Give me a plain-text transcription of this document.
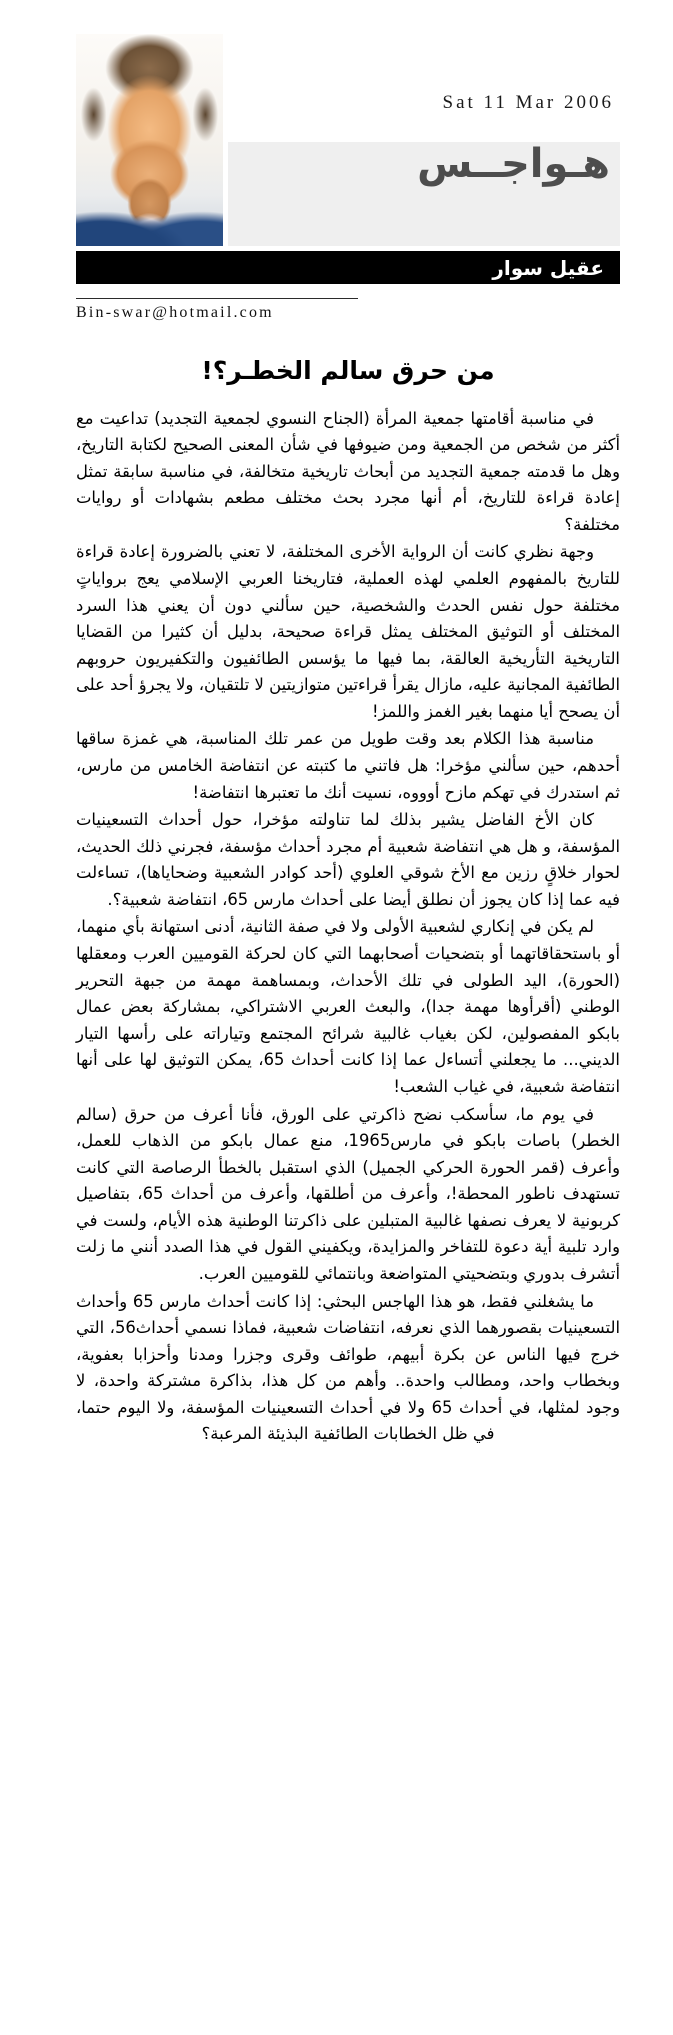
Sat 11 Mar 2006
هـواجــس
عقيل سوار
Bin-swar@hotmail.com
من حرق سالم الخطـر؟!

في مناسبة أقامتها جمعية المرأة (الجناح النسوي لجمعية التجديد) تداعيت مع أكثر من شخص من الجمعية ومن ضيوفها في شأن المعنى الصحيح لكتابة التاريخ، وهل ما قدمته جمعية التجديد من أبحاث تاريخية متخالفة، في مناسبة سابقة تمثل إعادة قراءة للتاريخ، أم أنها مجرد بحث مختلف مطعم بشهادات أو روايات مختلفة؟

وجهة نظري كانت أن الرواية الأخرى المختلفة، لا تعني بالضرورة إعادة قراءة للتاريخ بالمفهوم العلمي لهذه العملية، فتاريخنا العربي الإسلامي يعج برواياتٍ مختلفة حول نفس الحدث والشخصية، حين سألني دون أن يعني هذا السرد المختلف أو التوثيق المختلف يمثل قراءة صحيحة، بدليل أن كثيرا من القضايا التاريخية التأريخية العالقة، بما فيها ما يؤسس الطائفيون والتكفيريون حروبهم الطائفية المجانية عليه، مازال يقرأ قراءتين متوازيتين لا تلتقيان، ولا يجرؤ أحد على أن يصحح أيا منهما بغير الغمز واللمز!

مناسبة هذا الكلام بعد وقت طويل من عمر تلك المناسبة، هي غمزة ساقها أحدهم، حين سألني مؤخرا: هل فاتني ما كتبته عن انتفاضة الخامس من مارس، ثم استدرك في تهكم مازح أوووه، نسيت أنك ما تعتبرها انتفاضة!

كان الأخ الفاضل يشير بذلك لما تناولته مؤخرا، حول أحداث التسعينيات المؤسفة، و هل هي انتفاضة شعبية أم مجرد أحداث مؤسفة، فجرني ذلك الحديث، لحوار خلاقٍ رزين مع الأخ شوقي العلوي (أحد كوادر الشعبية وضحاياها)، تساءلت فيه عما إذا كان يجوز أن نطلق أيضا على أحداث مارس 65، انتفاضة شعبية؟.

لم يكن في إنكاري لشعبية الأولى ولا في صفة الثانية، أدنى استهانة بأي منهما، أو باستحقاقاتهما أو بتضحيات أصحابهما التي كان لحركة القوميين العرب ومعقلها (الحورة)، اليد الطولى في تلك الأحداث، وبمساهمة مهمة من جبهة التحرير الوطني (أقرأوها مهمة جدا)، والبعث العربي الاشتراكي، بمشاركة بعض عمال بابكو المفصولين، لكن بغياب غالبية شرائح المجتمع وتياراته على رأسها التيار الديني... ما يجعلني أتساءل عما إذا كانت أحداث 65، يمكن التوثيق لها على أنها انتفاضة شعبية، في غياب الشعب!

في يوم ما، سأسكب نضح ذاكرتي على الورق، فأنا أعرف من حرق (سالم الخطر) باصات بابكو في مارس1965، منع عمال بابكو من الذهاب للعمل، وأعرف (قمر الحورة الحركي الجميل) الذي استقبل بالخطأ الرصاصة التي كانت تستهدف ناطور المحطة!، وأعرف من أطلقها، وأعرف من أحداث 65، بتفاصيل كربونية لا يعرف نصفها غالبية المتبلين على ذاكرتنا الوطنية هذه الأيام، ولست في وارد تلبية أية دعوة للتفاخر والمزايدة، ويكفيني القول في هذا الصدد أنني ما زلت أتشرف بدوري وبتضحيتي المتواضعة وبانتمائي للقوميين العرب.

ما يشغلني فقط، هو هذا الهاجس البحثي: إذا كانت أحداث مارس 65 وأحداث التسعينيات بقصورهما الذي نعرفه، انتفاضات شعبية، فماذا نسمي أحداث56، التي خرج فيها الناس عن بكرة أبيهم، طوائف وقرى وجزرا ومدنا وأحزابا بعفوية، وبخطاب واحد، ومطالب واحدة.. وأهم من كل هذا، بذاكرة مشتركة واحدة، لا وجود لمثلها، في أحداث 65 ولا في أحداث التسعينيات المؤسفة، ولا اليوم حتما، في ظل الخطابات الطائفية البذيئة المرعبة؟
